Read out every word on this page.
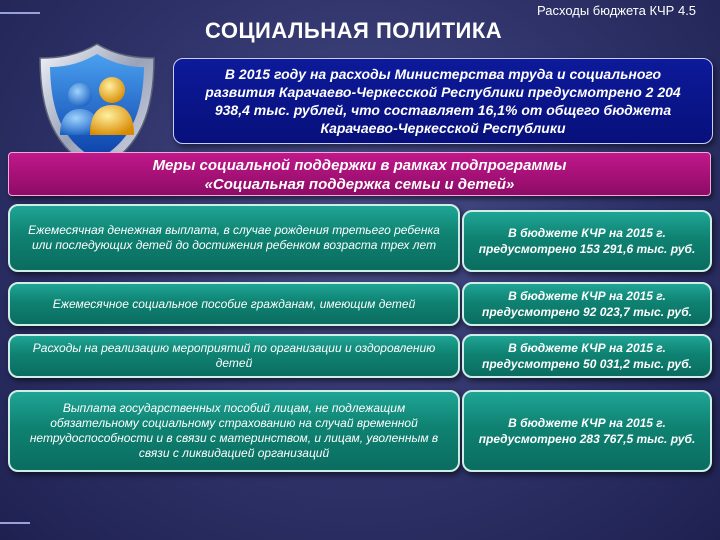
СОЦИАЛЬНАЯ ПОЛИТИКА
Расходы бюджета КЧР 4.5
В 2015 году на расходы Министерства труда и социального развития Карачаево-Черкесской Республики предусмотрено 2 204 938,4 тыс. рублей, что составляет 16,1% от общего бюджета Карачаево-Черкесской Республики
Меры социальной поддержки в рамках подпрограммы
«Социальная поддержка семьи и детей»
Ежемесячная денежная выплата, в случае рождения третьего ребенка или последующих детей до достижения ребенком возраста трех лет
В бюджете КЧР на 2015 г. предусмотрено 153 291,6 тыс. руб.
Ежемесячное социальное пособие гражданам, имеющим детей
В бюджете КЧР на 2015 г. предусмотрено 92 023,7 тыс. руб.
Расходы на реализацию мероприятий по организации и оздоровлению детей
В бюджете КЧР на 2015 г. предусмотрено 50 031,2 тыс. руб.
Выплата государственных пособий лицам, не подлежащим обязательному социальному страхованию на случай временной нетрудоспособности и в связи с материнством, и лицам, уволенным в связи с ликвидацией организаций
В бюджете КЧР на 2015 г. предусмотрено 283 767,5 тыс. руб.
